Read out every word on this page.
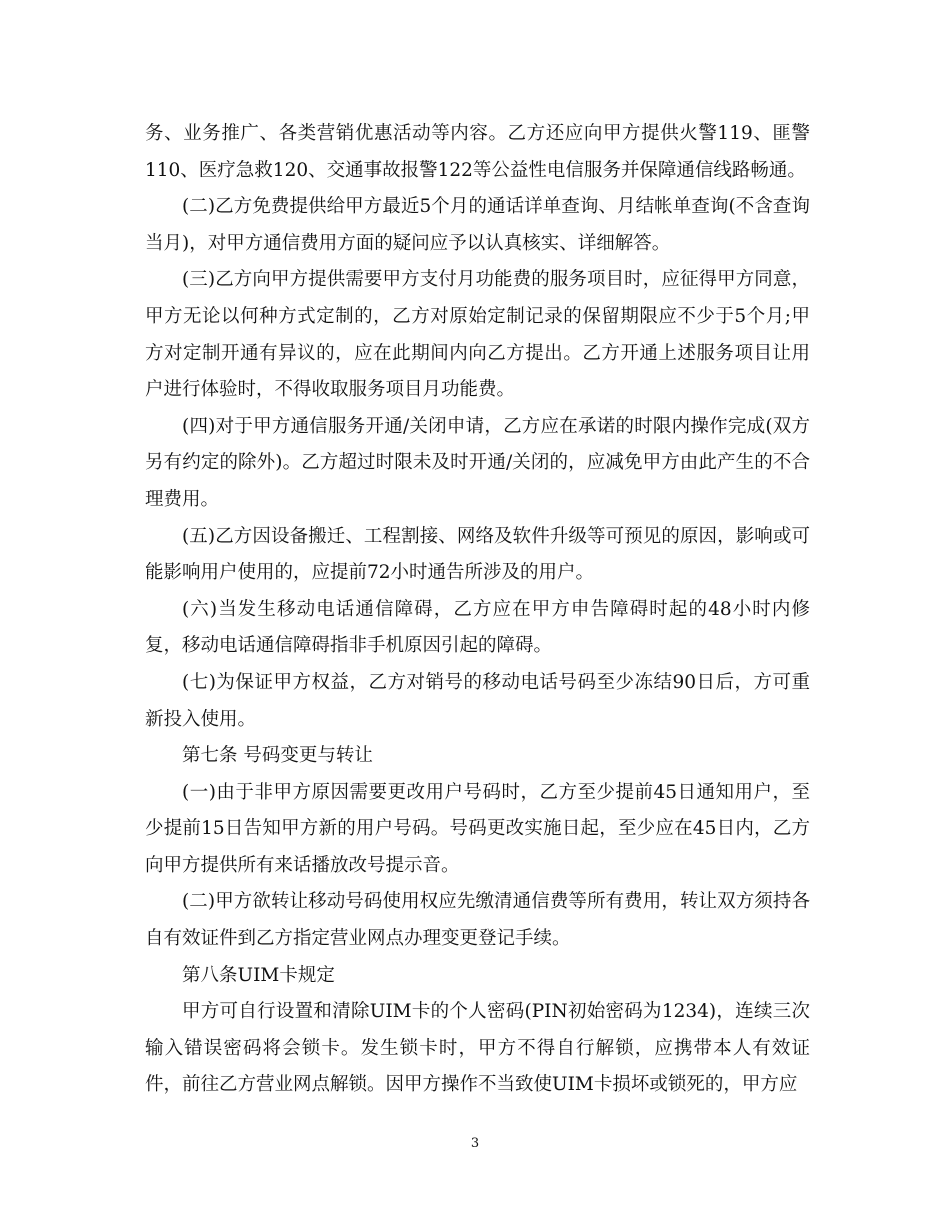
务、业务推广、各类营销优惠活动等内容。乙方还应向甲方提供火警119、匪警110、医疗急救120、交通事故报警122等公益性电信服务并保障通信线路畅通。

(二)乙方免费提供给甲方最近5个月的通话详单查询、月结帐单查询(不含查询当月)，对甲方通信费用方面的疑问应予以认真核实、详细解答。

(三)乙方向甲方提供需要甲方支付月功能费的服务项目时，应征得甲方同意，甲方无论以何种方式定制的，乙方对原始定制记录的保留期限应不少于5个月;甲方对定制开通有异议的，应在此期间内向乙方提出。乙方开通上述服务项目让用户进行体验时，不得收取服务项目月功能费。

(四)对于甲方通信服务开通/关闭申请，乙方应在承诺的时限内操作完成(双方另有约定的除外)。乙方超过时限未及时开通/关闭的，应减免甲方由此产生的不合理费用。

(五)乙方因设备搬迁、工程割接、网络及软件升级等可预见的原因，影响或可能影响用户使用的，应提前72小时通告所涉及的用户。

(六)当发生移动电话通信障碍，乙方应在甲方申告障碍时起的48小时内修复，移动电话通信障碍指非手机原因引起的障碍。

(七)为保证甲方权益，乙方对销号的移动电话号码至少冻结90日后，方可重新投入使用。

第七条 号码变更与转让

(一)由于非甲方原因需要更改用户号码时，乙方至少提前45日通知用户，至少提前15日告知甲方新的用户号码。号码更改实施日起，至少应在45日内，乙方向甲方提供所有来话播放改号提示音。

(二)甲方欲转让移动号码使用权应先缴清通信费等所有费用，转让双方须持各自有效证件到乙方指定营业网点办理变更登记手续。

第八条UIM卡规定

甲方可自行设置和清除UIM卡的个人密码(PIN初始密码为1234)，连续三次输入错误密码将会锁卡。发生锁卡时，甲方不得自行解锁，应携带本人有效证件，前往乙方营业网点解锁。因甲方操作不当致使UIM卡损坏或锁死的，甲方应

3
